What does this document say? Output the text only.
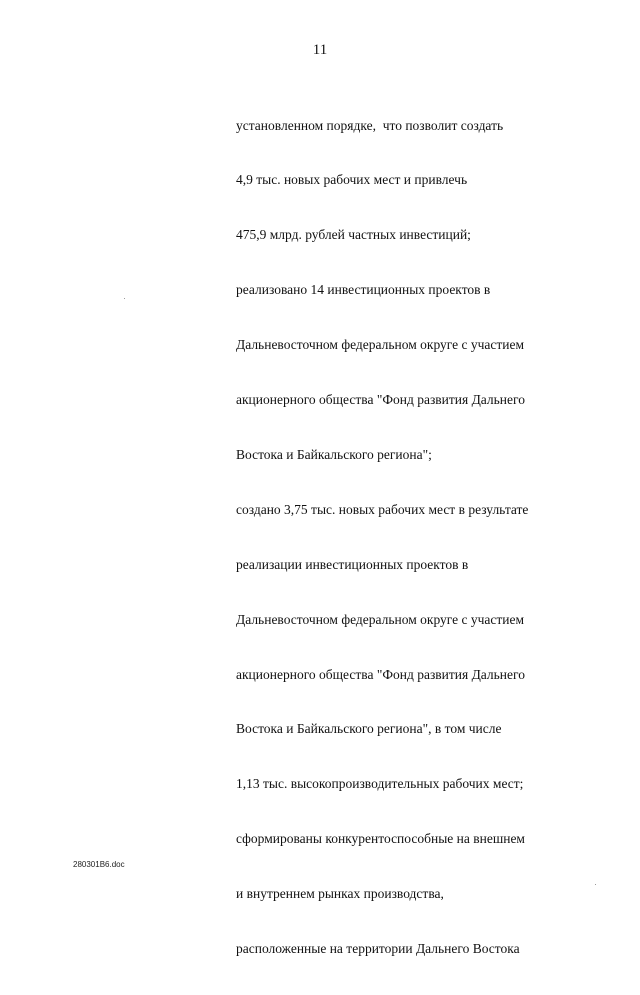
11

установленном порядке,  что позволит создать

4,9 тыс. новых рабочих мест и привлечь

475,9 млрд. рублей частных инвестиций;

реализовано 14 инвестиционных проектов в

Дальневосточном федеральном округе с участием

акционерного общества "Фонд развития Дальнего

Востока и Байкальского региона";

создано 3,75 тыс. новых рабочих мест в результате

реализации инвестиционных проектов в

Дальневосточном федеральном округе с участием

акционерного общества "Фонд развития Дальнего

Востока и Байкальского региона", в том числе

1,13 тыс. высокопроизводительных рабочих мест;

сформированы конкурентоспособные на внешнем

и внутреннем рынках производства,

расположенные на территории Дальнего Востока

280301B6.doc
